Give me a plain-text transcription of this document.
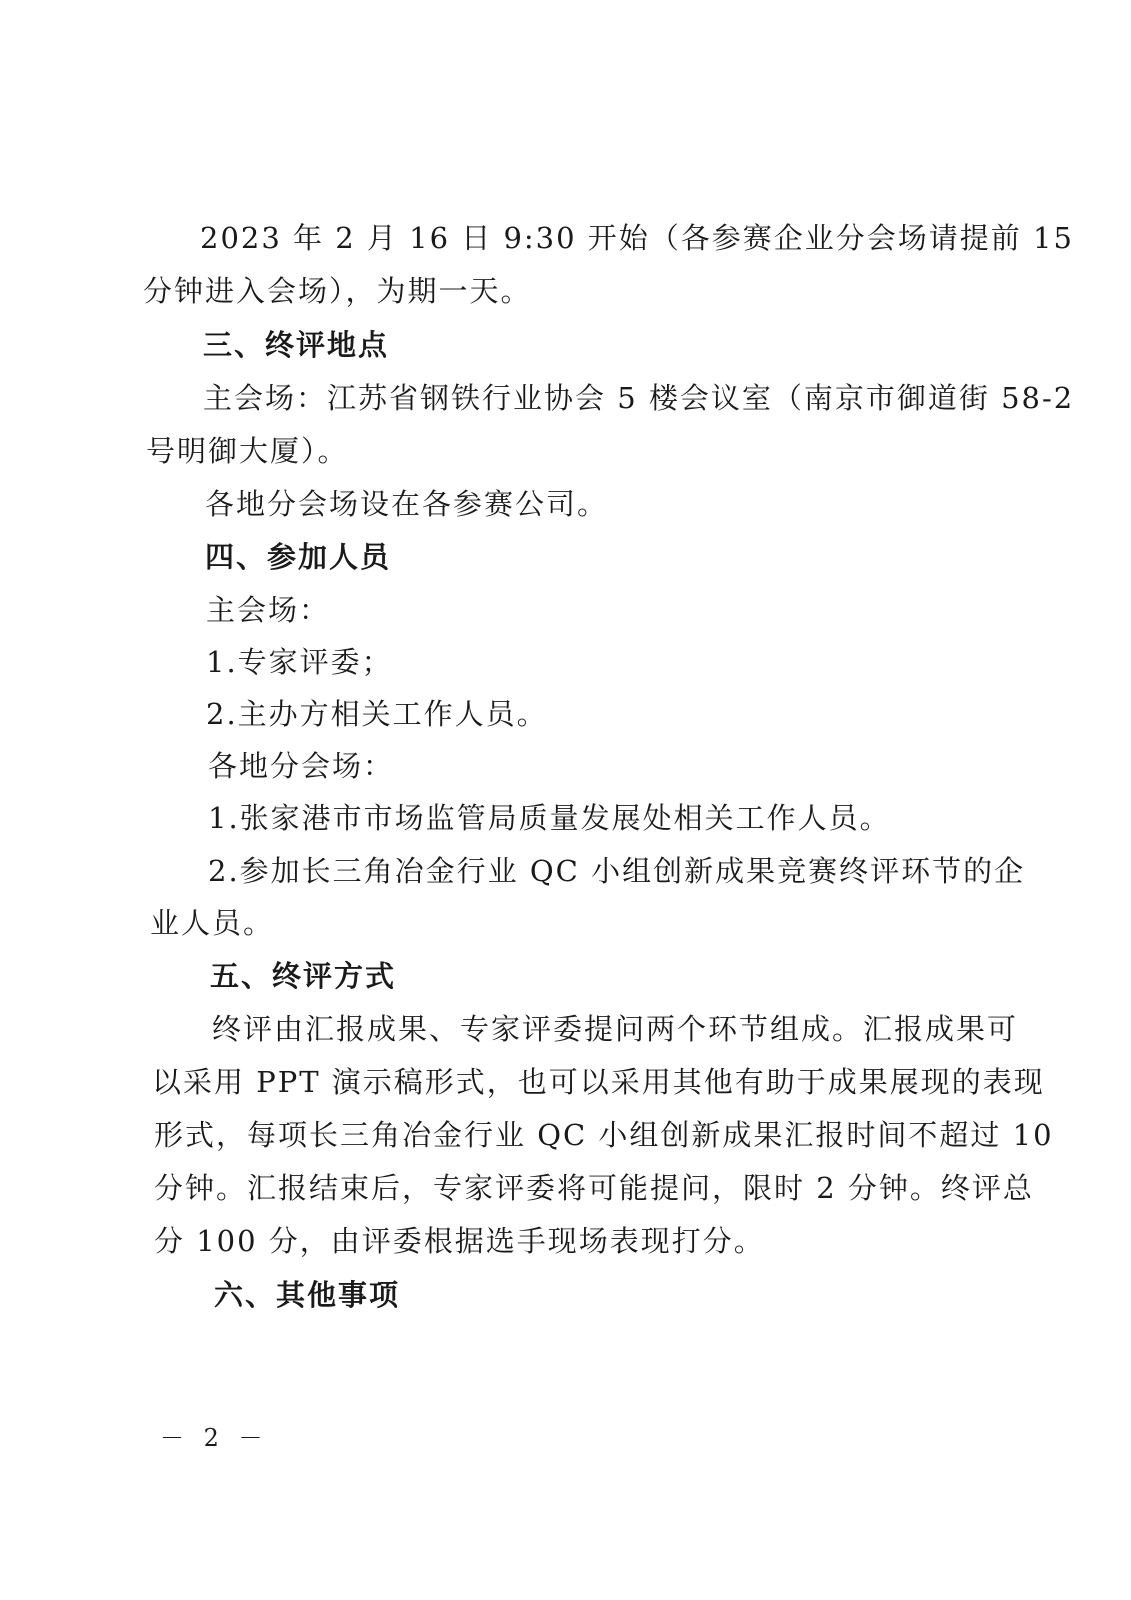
2023 年 2 月 16 日 9:30 开始（各参赛企业分会场请提前 15
分钟进入会场），为期一天。
三、终评地点
主会场：江苏省钢铁行业协会 5 楼会议室（南京市御道街 58-2
号明御大厦）。
各地分会场设在各参赛公司。
四、参加人员
主会场：
1.专家评委；
2.主办方相关工作人员。
各地分会场：
1.张家港市市场监管局质量发展处相关工作人员。
2.参加长三角冶金行业 QC 小组创新成果竞赛终评环节的企
业人员。
五、终评方式
终评由汇报成果、专家评委提问两个环节组成。汇报成果可
以采用 PPT 演示稿形式，也可以采用其他有助于成果展现的表现
形式，每项长三角冶金行业 QC 小组创新成果汇报时间不超过 10
分钟。汇报结束后，专家评委将可能提问，限时 2 分钟。终评总
分 100 分，由评委根据选手现场表现打分。
六、其他事项
－ 2 －
